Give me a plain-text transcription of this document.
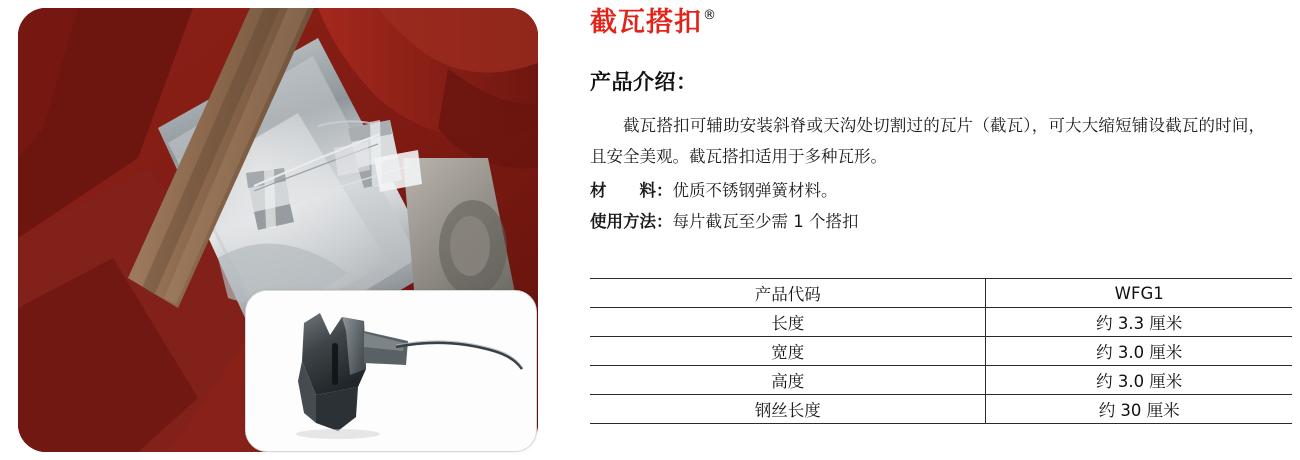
截瓦搭扣 ®
产品介绍：
截瓦搭扣可辅助安装斜脊或天沟处切割过的瓦片（截瓦），可大大缩短铺设截瓦的时间，且安全美观。截瓦搭扣适用于多种瓦形。
材　　料： 优质不锈钢弹簧材料。
使用方法： 每片截瓦至少需 1 个搭扣
产品代码	WFG1
长度	约 3.3 厘米
宽度	约 3.0 厘米
高度	约 3.0 厘米
钢丝长度	约 30 厘米
